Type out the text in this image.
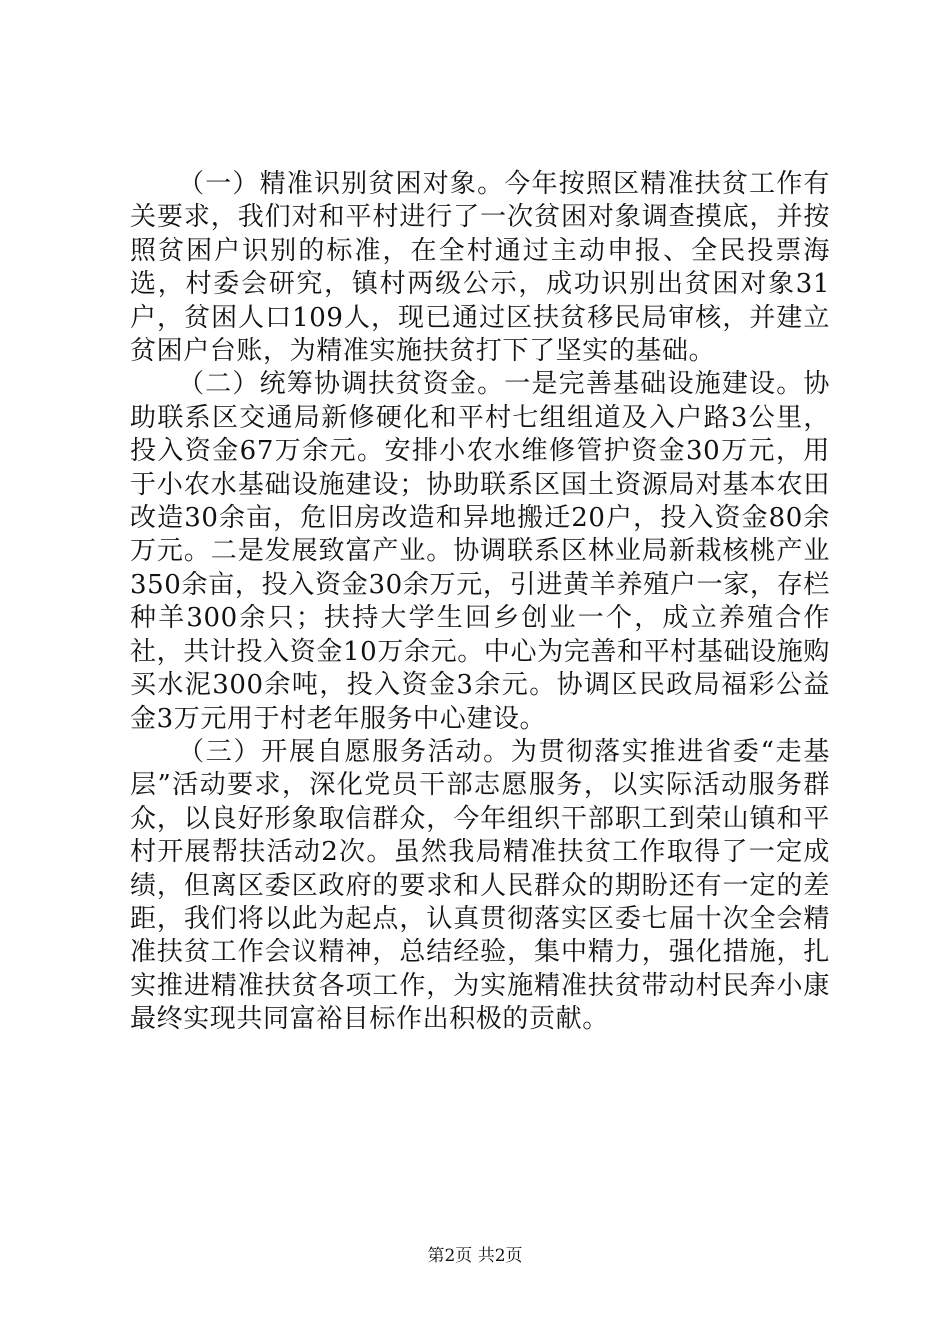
（一）精准识别贫困对象。今年按照区精准扶贫工作有关要求，我们对和平村进行了一次贫困对象调查摸底，并按照贫困户识别的标准，在全村通过主动申报、全民投票海选，村委会研究，镇村两级公示，成功识别出贫困对象31户，贫困人口109人，现已通过区扶贫移民局审核，并建立贫困户台账，为精准实施扶贫打下了坚实的基础。

（二）统筹协调扶贫资金。一是完善基础设施建设。协助联系区交通局新修硬化和平村七组组道及入户路3公里，投入资金67万余元。安排小农水维修管护资金30万元，用于小农水基础设施建设；协助联系区国土资源局对基本农田改造30余亩，危旧房改造和异地搬迁20户，投入资金80余万元。二是发展致富产业。协调联系区林业局新栽核桃产业350余亩，投入资金30余万元，引进黄羊养殖户一家，存栏种羊300余只；扶持大学生回乡创业一个，成立养殖合作社，共计投入资金10万余元。中心为完善和平村基础设施购买水泥300余吨，投入资金3余元。协调区民政局福彩公益金3万元用于村老年服务中心建设。

（三）开展自愿服务活动。为贯彻落实推进省委“走基层”活动要求，深化党员干部志愿服务，以实际活动服务群众，以良好形象取信群众，今年组织干部职工到荣山镇和平村开展帮扶活动2次。虽然我局精准扶贫工作取得了一定成绩，但离区委区政府的要求和人民群众的期盼还有一定的差距，我们将以此为起点，认真贯彻落实区委七届十次全会精准扶贫工作会议精神，总结经验，集中精力，强化措施，扎实推进精准扶贫各项工作，为实施精准扶贫带动村民奔小康最终实现共同富裕目标作出积极的贡献。

第2页 共2页
